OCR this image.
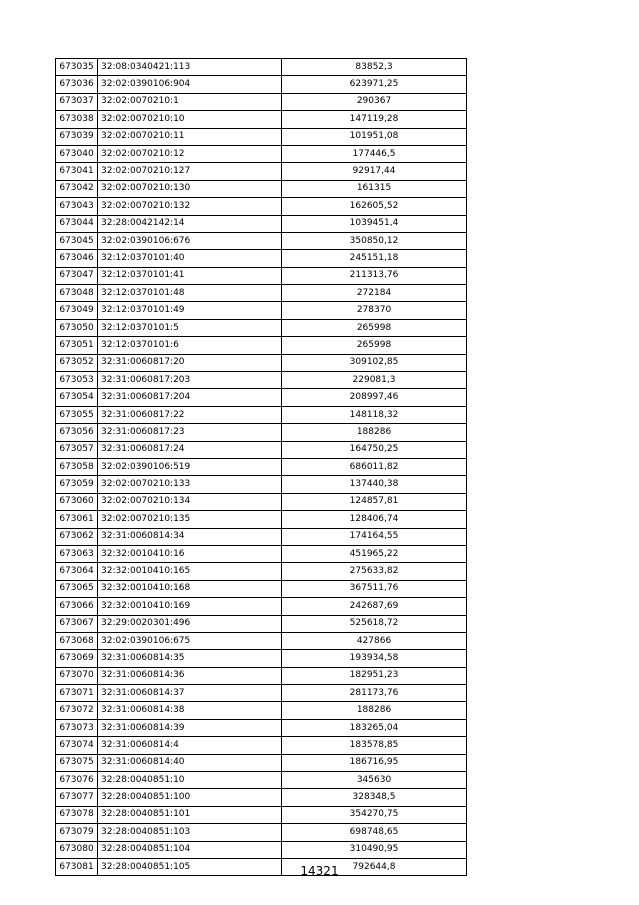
673035	32:08:0340421:113	83852,3
673036	32:02:0390106:904	623971,25
673037	32:02:0070210:1	290367
673038	32:02:0070210:10	147119,28
673039	32:02:0070210:11	101951,08
673040	32:02:0070210:12	177446,5
673041	32:02:0070210:127	92917,44
673042	32:02:0070210:130	161315
673043	32:02:0070210:132	162605,52
673044	32:28:0042142:14	1039451,4
673045	32:02:0390106:676	350850,12
673046	32:12:0370101:40	245151,18
673047	32:12:0370101:41	211313,76
673048	32:12:0370101:48	272184
673049	32:12:0370101:49	278370
673050	32:12:0370101:5	265998
673051	32:12:0370101:6	265998
673052	32:31:0060817:20	309102,85
673053	32:31:0060817:203	229081,3
673054	32:31:0060817:204	208997,46
673055	32:31:0060817:22	148118,32
673056	32:31:0060817:23	188286
673057	32:31:0060817:24	164750,25
673058	32:02:0390106:519	686011,82
673059	32:02:0070210:133	137440,38
673060	32:02:0070210:134	124857,81
673061	32:02:0070210:135	128406,74
673062	32:31:0060814:34	174164,55
673063	32:32:0010410:16	451965,22
673064	32:32:0010410:165	275633,82
673065	32:32:0010410:168	367511,76
673066	32:32:0010410:169	242687,69
673067	32:29:0020301:496	525618,72
673068	32:02:0390106:675	427866
673069	32:31:0060814:35	193934,58
673070	32:31:0060814:36	182951,23
673071	32:31:0060814:37	281173,76
673072	32:31:0060814:38	188286
673073	32:31:0060814:39	183265,04
673074	32:31:0060814:4	183578,85
673075	32:31:0060814:40	186716,95
673076	32:28:0040851:10	345630
673077	32:28:0040851:100	328348,5
673078	32:28:0040851:101	354270,75
673079	32:28:0040851:103	698748,65
673080	32:28:0040851:104	310490,95
673081	32:28:0040851:105	792644,8
14321
